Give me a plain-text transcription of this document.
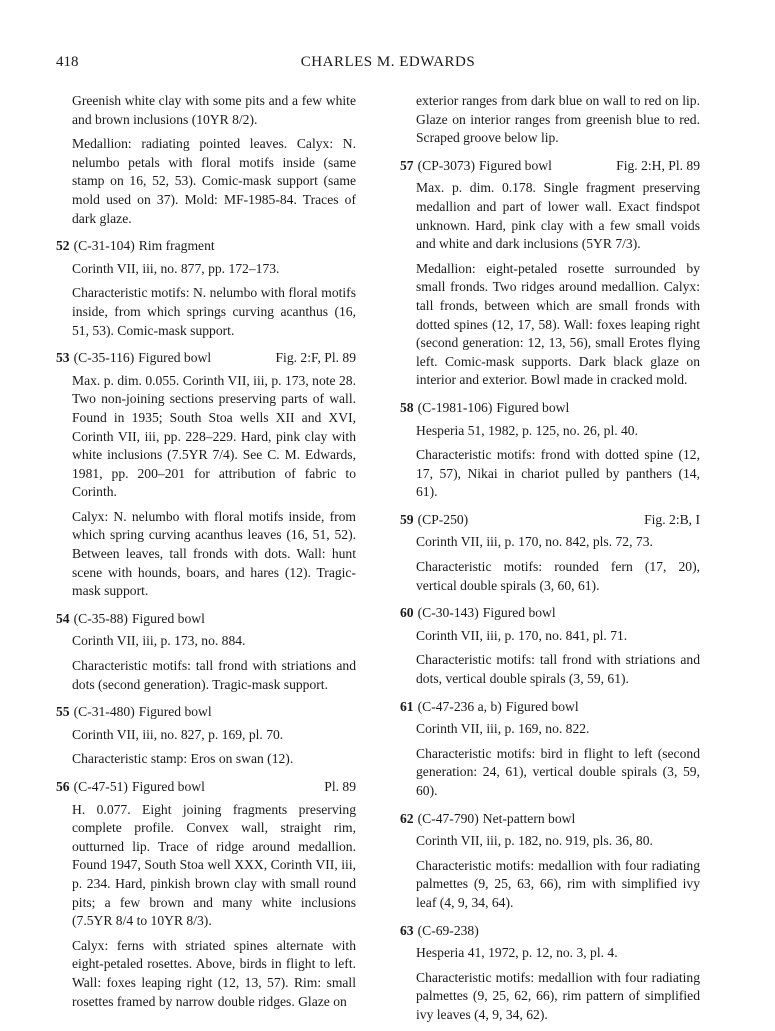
418	CHARLES M. EDWARDS

Greenish white clay with some pits and a few white and brown inclusions (10YR 8/2).

Medallion: radiating pointed leaves. Calyx: N. nelumbo petals with floral motifs inside (same stamp on 16, 52, 53). Comic-mask support (same mold used on 37). Mold: MF-1985-84. Traces of dark glaze.

52 (C-31-104) Rim fragment

Corinth VII, iii, no. 877, pp. 172–173.

Characteristic motifs: N. nelumbo with floral motifs inside, from which springs curving acanthus (16, 51, 53). Comic-mask support.

53 (C-35-116) Figured bowl	Fig. 2:F, Pl. 89

Max. p. dim. 0.055. Corinth VII, iii, p. 173, note 28. Two non-joining sections preserving parts of wall. Found in 1935; South Stoa wells XII and XVI, Corinth VII, iii, pp. 228–229. Hard, pink clay with white inclusions (7.5YR 7/4). See C. M. Edwards, 1981, pp. 200–201 for attribution of fabric to Corinth.

Calyx: N. nelumbo with floral motifs inside, from which spring curving acanthus leaves (16, 51, 52). Between leaves, tall fronds with dots. Wall: hunt scene with hounds, boars, and hares (12). Tragic-mask support.

54 (C-35-88) Figured bowl

Corinth VII, iii, p. 173, no. 884.

Characteristic motifs: tall frond with striations and dots (second generation). Tragic-mask support.

55 (C-31-480) Figured bowl

Corinth VII, iii, no. 827, p. 169, pl. 70.

Characteristic stamp: Eros on swan (12).

56 (C-47-51) Figured bowl	Pl. 89

H. 0.077. Eight joining fragments preserving complete profile. Convex wall, straight rim, outturned lip. Trace of ridge around medallion. Found 1947, South Stoa well XXX, Corinth VII, iii, p. 234. Hard, pinkish brown clay with small round pits; a few brown and many white inclusions (7.5YR 8/4 to 10YR 8/3).

Calyx: ferns with striated spines alternate with eight-petaled rosettes. Above, birds in flight to left. Wall: foxes leaping right (12, 13, 57). Rim: small rosettes framed by narrow double ridges. Glaze on

exterior ranges from dark blue on wall to red on lip. Glaze on interior ranges from greenish blue to red. Scraped groove below lip.

57 (CP-3073) Figured bowl	Fig. 2:H, Pl. 89

Max. p. dim. 0.178. Single fragment preserving medallion and part of lower wall. Exact findspot unknown. Hard, pink clay with a few small voids and white and dark inclusions (5YR 7/3).

Medallion: eight-petaled rosette surrounded by small fronds. Two ridges around medallion. Calyx: tall fronds, between which are small fronds with dotted spines (12, 17, 58). Wall: foxes leaping right (second generation: 12, 13, 56), small Erotes flying left. Comic-mask supports. Dark black glaze on interior and exterior. Bowl made in cracked mold.

58 (C-1981-106) Figured bowl

Hesperia 51, 1982, p. 125, no. 26, pl. 40.

Characteristic motifs: frond with dotted spine (12, 17, 57), Nikai in chariot pulled by panthers (14, 61).

59 (CP-250)	Fig. 2:B, I

Corinth VII, iii, p. 170, no. 842, pls. 72, 73.

Characteristic motifs: rounded fern (17, 20), vertical double spirals (3, 60, 61).

60 (C-30-143) Figured bowl

Corinth VII, iii, p. 170, no. 841, pl. 71.

Characteristic motifs: tall frond with striations and dots, vertical double spirals (3, 59, 61).

61 (C-47-236 a, b) Figured bowl

Corinth VII, iii, p. 169, no. 822.

Characteristic motifs: bird in flight to left (second generation: 24, 61), vertical double spirals (3, 59, 60).

62 (C-47-790) Net-pattern bowl

Corinth VII, iii, p. 182, no. 919, pls. 36, 80.

Characteristic motifs: medallion with four radiating palmettes (9, 25, 63, 66), rim with simplified ivy leaf (4, 9, 34, 64).

63 (C-69-238)

Hesperia 41, 1972, p. 12, no. 3, pl. 4.

Characteristic motifs: medallion with four radiating palmettes (9, 25, 62, 66), rim pattern of simplified ivy leaves (4, 9, 34, 62).
